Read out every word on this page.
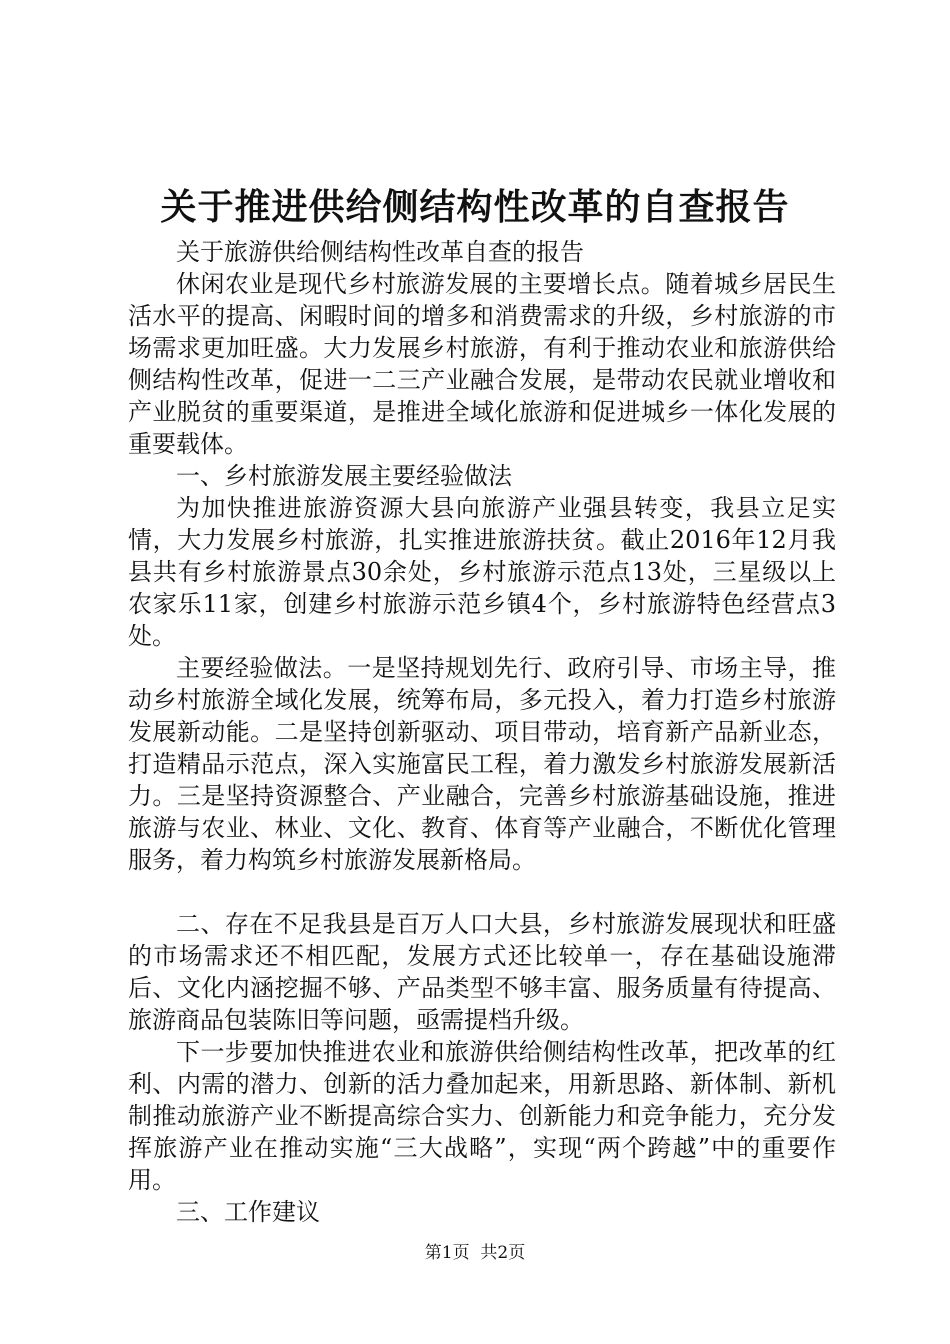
关于推进供给侧结构性改革的自查报告

关于旅游供给侧结构性改革自查的报告

休闲农业是现代乡村旅游发展的主要增长点。随着城乡居民生活水平的提高、闲暇时间的增多和消费需求的升级，乡村旅游的市场需求更加旺盛。大力发展乡村旅游，有利于推动农业和旅游供给侧结构性改革，促进一二三产业融合发展，是带动农民就业增收和产业脱贫的重要渠道，是推进全域化旅游和促进城乡一体化发展的重要载体。

一、乡村旅游发展主要经验做法

为加快推进旅游资源大县向旅游产业强县转变，我县立足实情，大力发展乡村旅游，扎实推进旅游扶贫。截止2016年12月我县共有乡村旅游景点30余处，乡村旅游示范点13处，三星级以上农家乐11家，创建乡村旅游示范乡镇4个，乡村旅游特色经营点3处。

主要经验做法。一是坚持规划先行、政府引导、市场主导，推动乡村旅游全域化发展，统筹布局，多元投入，着力打造乡村旅游发展新动能。二是坚持创新驱动、项目带动，培育新产品新业态，打造精品示范点，深入实施富民工程，着力激发乡村旅游发展新活力。三是坚持资源整合、产业融合，完善乡村旅游基础设施，推进旅游与农业、林业、文化、教育、体育等产业融合，不断优化管理服务，着力构筑乡村旅游发展新格局。

二、存在不足我县是百万人口大县，乡村旅游发展现状和旺盛的市场需求还不相匹配，发展方式还比较单一，存在基础设施滞后、文化内涵挖掘不够、产品类型不够丰富、服务质量有待提高、旅游商品包装陈旧等问题，亟需提档升级。

下一步要加快推进农业和旅游供给侧结构性改革，把改革的红利、内需的潜力、创新的活力叠加起来，用新思路、新体制、新机制推动旅游产业不断提高综合实力、创新能力和竞争能力，充分发挥旅游产业在推动实施“三大战略”，实现“两个跨越”中的重要作用。

三、工作建议

第1页 共2页
